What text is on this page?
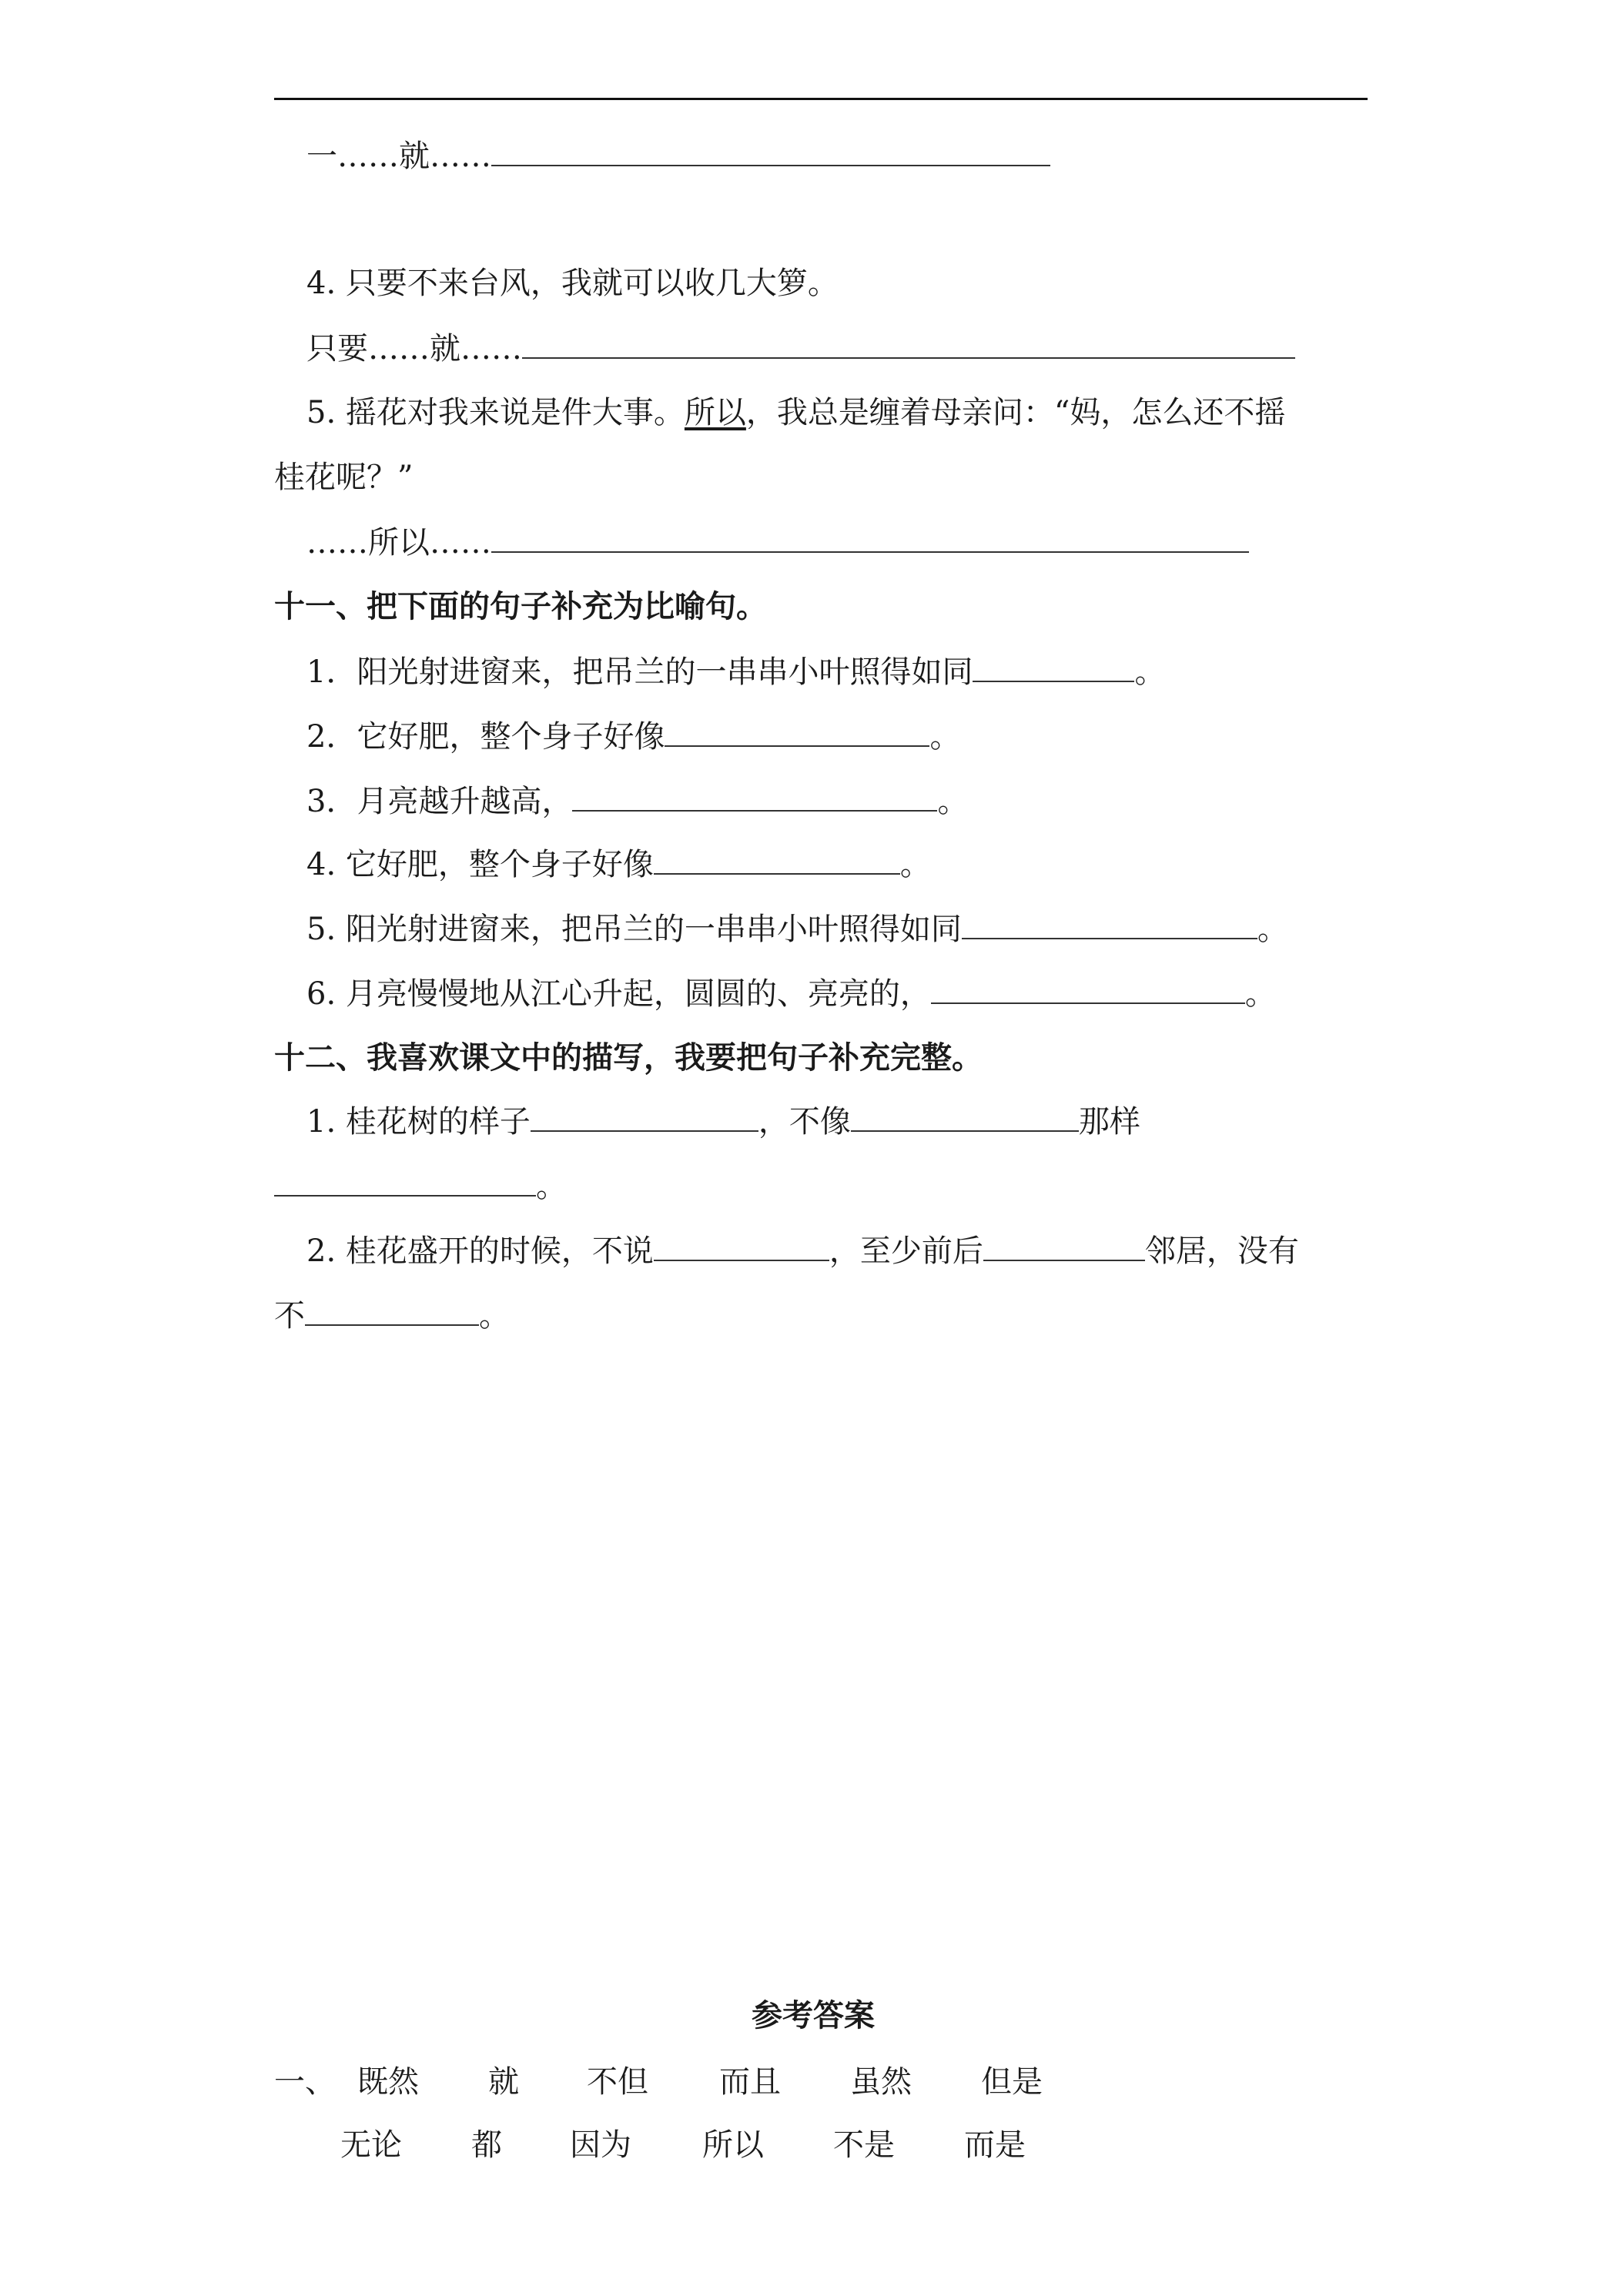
一……就……
4. 只要不来台风，我就可以收几大箩。
只要……就……
5. 摇花对我来说是件大事。所以，我总是缠着母亲问：“妈，怎么还不摇
桂花呢？”
……所以……
十一、把下面的句子补充为比喻句。
1．阳光射进窗来，把吊兰的一串串小叶照得如同	。
2．它好肥，整个身子好像	。
3．月亮越升越高，	。
4. 它好肥，整个身子好像	。
5. 阳光射进窗来，把吊兰的一串串小叶照得如同	。
6. 月亮慢慢地从江心升起，圆圆的、亮亮的，	。
十二、我喜欢课文中的描写，我要把句子补充完整。
1. 桂花树的样子	，不像	那样
。
2. 桂花盛开的时候，不说	，至少前后	邻居，没有
不	。
参考答案
一、 既然 就 不但 而且 虽然 但是
无论 都 因为 所以 不是 而是
